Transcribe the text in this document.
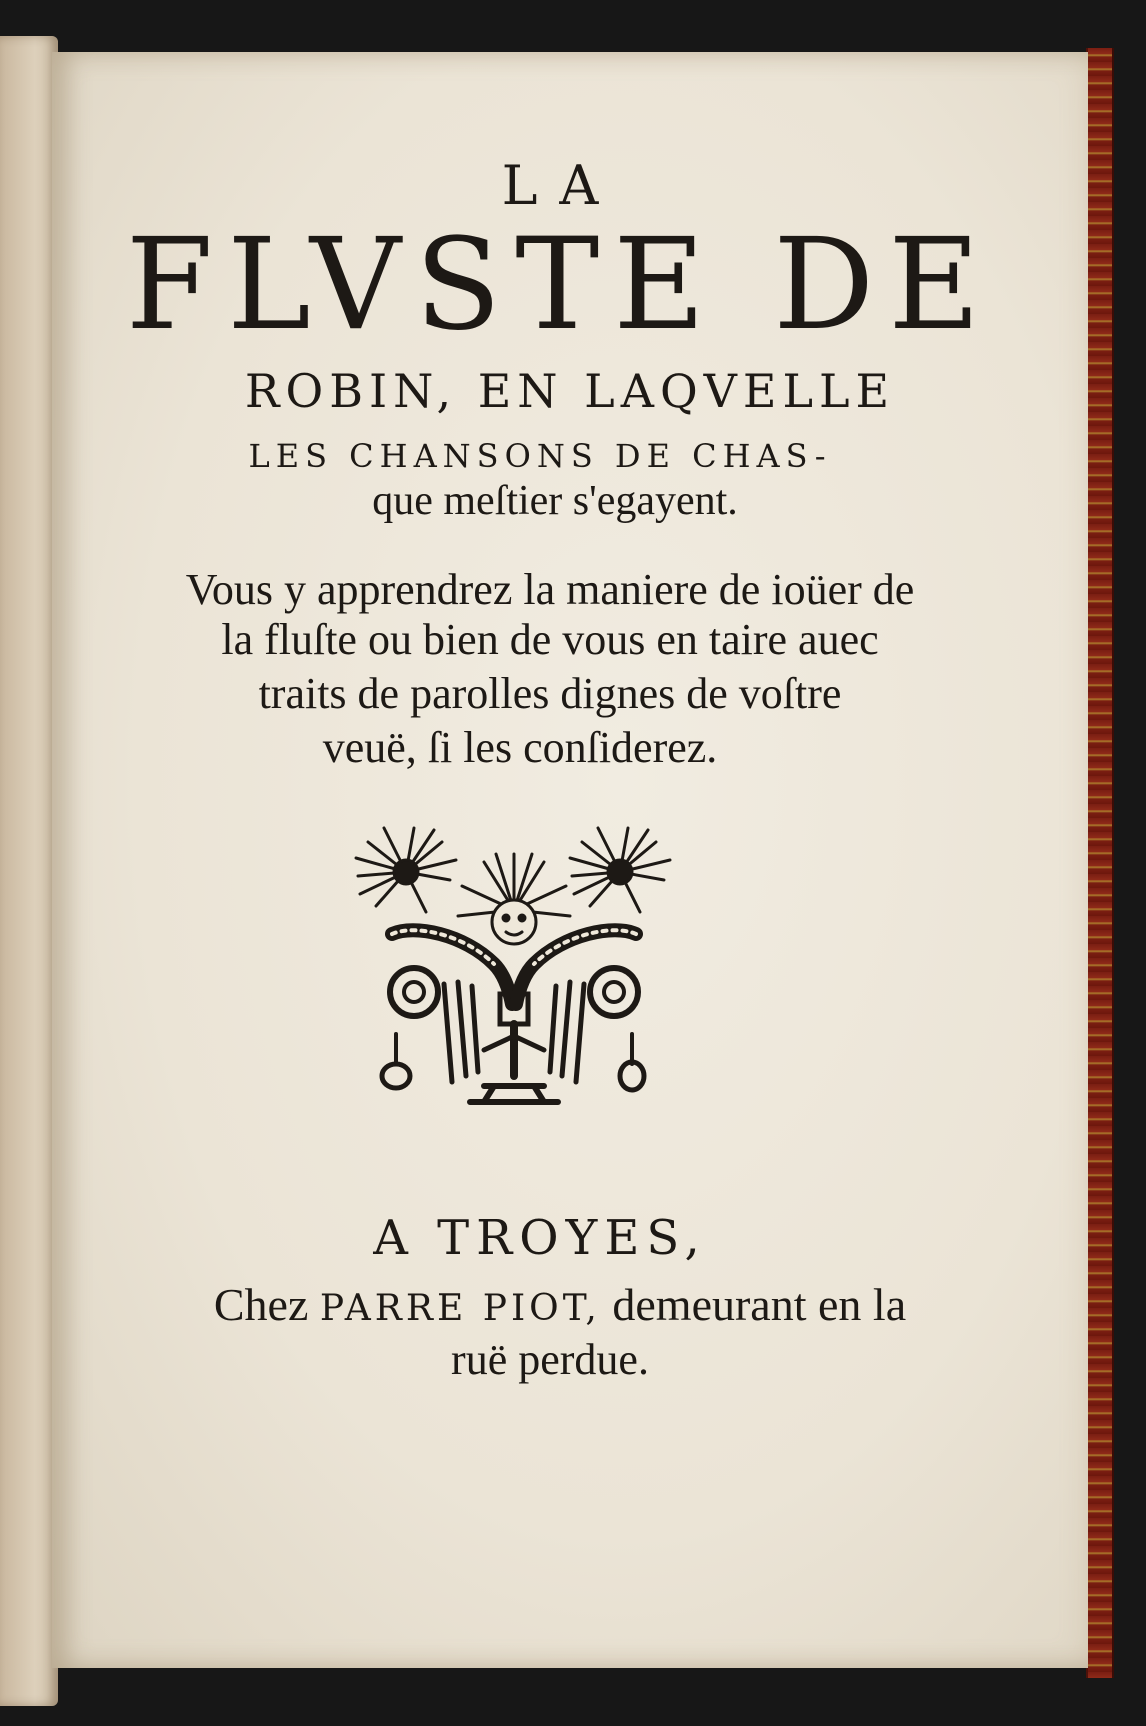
LA
FLVSTE DE
ROBIN, EN LAQVELLE
LES CHANSONS DE CHAS-
que meſtier s'egayent.
Vous y apprendrez la maniere de ioüer de
la fluſte ou bien de vous en taire auec
traits de parolles dignes de voſtre
veuë, ſi les conſiderez.
A TROYES,
Chez PARRE PIOT, demeurant en la
ruë perdue.
